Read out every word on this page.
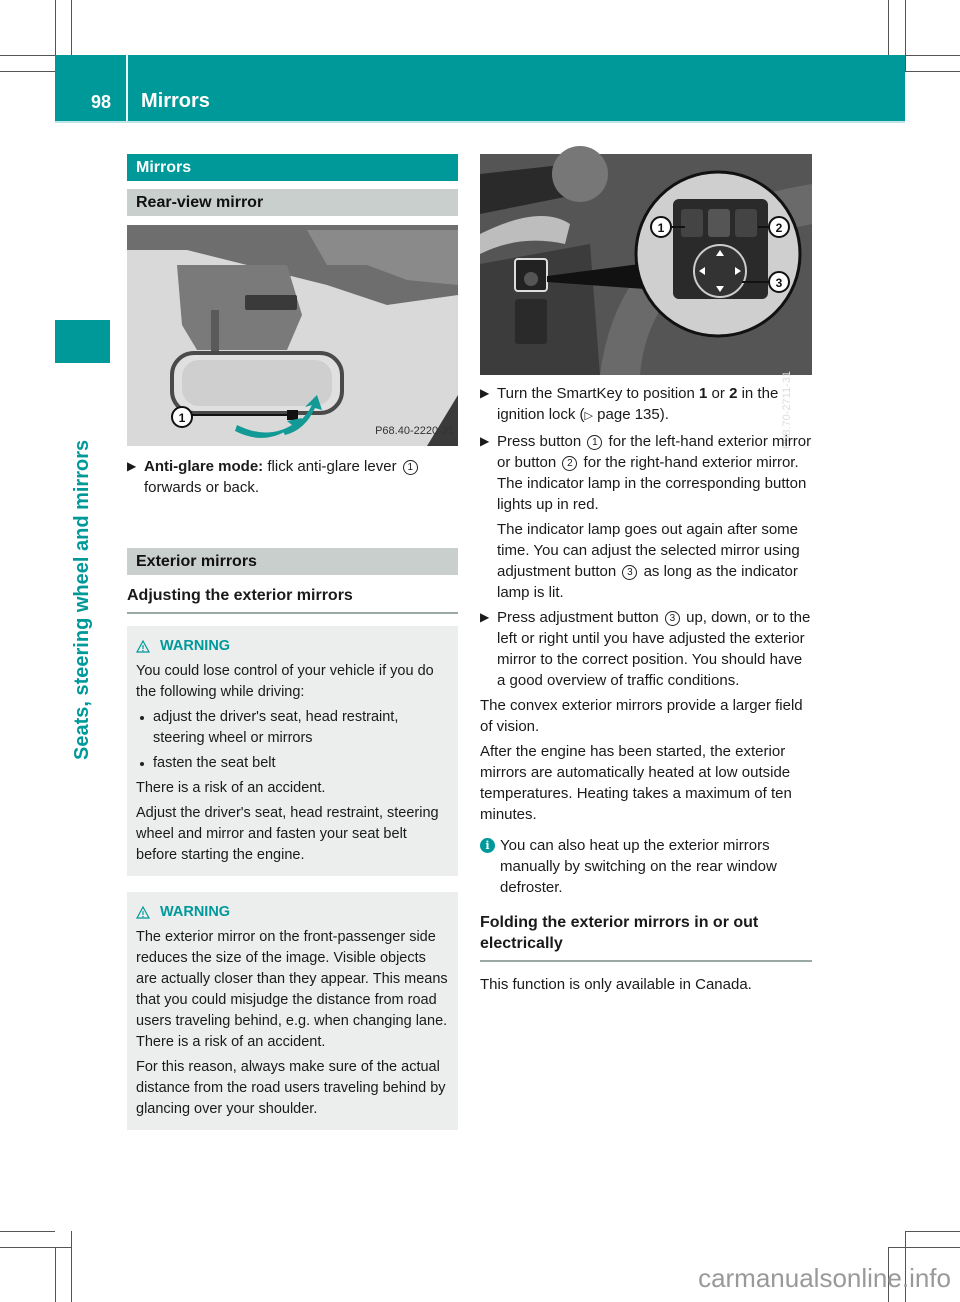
98 Mirrors
Seats, steering wheel and mirrors
Mirrors
Rear-view mirror
1
P68.40-2220-31
▶ Anti-glare mode: flick anti-glare lever 1 forwards or back.
Exterior mirrors
Adjusting the exterior mirrors
WARNING

You could lose control of your vehicle if you do the following while driving:

adjust the driver's seat, head restraint, steering wheel or mirrors
fasten the seat belt

There is a risk of an accident.

Adjust the driver's seat, head restraint, steering wheel and mirror and fasten your seat belt before starting the engine.

WARNING

The exterior mirror on the front-passenger side reduces the size of the image. Visible objects are actually closer than they appear. This means that you could misjudge the distance from road users traveling behind, e.g. when changing lane. There is a risk of an accident.

For this reason, always make sure of the actual distance from the road users traveling behind by glancing over your shoulder.

1	2
3
P88.70-2711-31
▶ Turn the SmartKey to position 1 or 2 in the ignition lock (▷ page 135).
▶ Press button 1 for the left-hand exterior mirror or button 2 for the right-hand exterior mirror.

The indicator lamp in the corresponding button lights up in red.

The indicator lamp goes out again after some time. You can adjust the selected mirror using adjustment button 3 as long as the indicator lamp is lit.

▶ Press adjustment button 3 up, down, or to the left or right until you have adjusted the exterior mirror to the correct position. You should have a good overview of traffic conditions.

The convex exterior mirrors provide a larger field of vision.

After the engine has been started, the exterior mirrors are automatically heated at low outside temperatures. Heating takes a maximum of ten minutes.

i You can also heat up the exterior mirrors manually by switching on the rear window defroster.
Folding the exterior mirrors in or out electrically

This function is only available in Canada.

carmanualsonline.info
